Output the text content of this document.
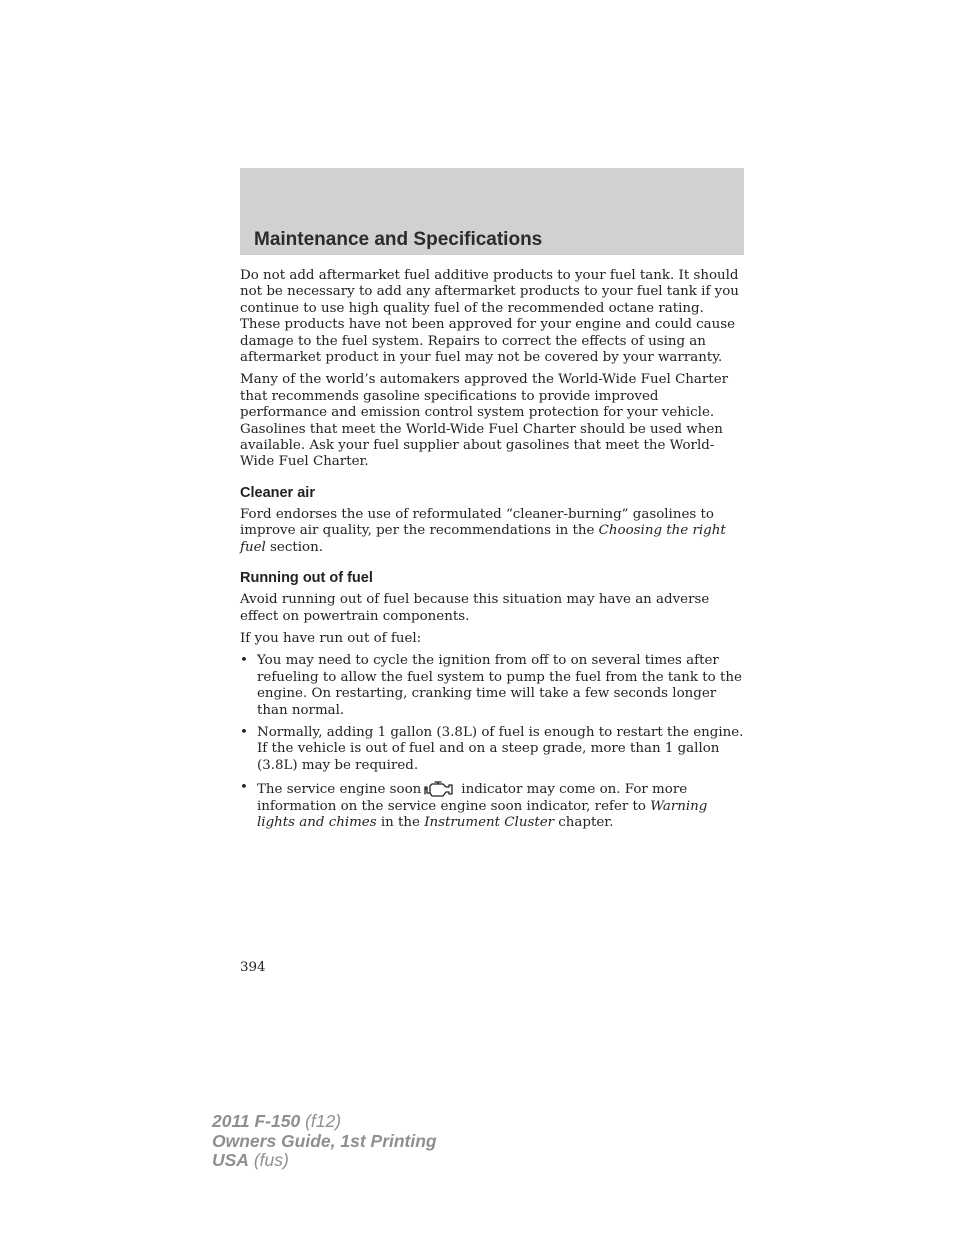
Maintenance and Specifications

Do not add aftermarket fuel additive products to your fuel tank. It should not be necessary to add any aftermarket products to your fuel tank if you continue to use high quality fuel of the recommended octane rating. These products have not been approved for your engine and could cause damage to the fuel system. Repairs to correct the effects of using an aftermarket product in your fuel may not be covered by your warranty.

Many of the world’s automakers approved the World-Wide Fuel Charter that recommends gasoline specifications to provide improved performance and emission control system protection for your vehicle. Gasolines that meet the World-Wide Fuel Charter should be used when available. Ask your fuel supplier about gasolines that meet the World-Wide Fuel Charter.

Cleaner air

Ford endorses the use of reformulated “cleaner-burning” gasolines to improve air quality, per the recommendations in the Choosing the right fuel section.

Running out of fuel

Avoid running out of fuel because this situation may have an adverse effect on powertrain components.

If you have run out of fuel:

• You may need to cycle the ignition from off to on several times after refueling to allow the fuel system to pump the fuel from the tank to the engine. On restarting, cranking time will take a few seconds longer than normal.
• Normally, adding 1 gallon (3.8L) of fuel is enough to restart the engine. If the vehicle is out of fuel and on a steep grade, more than 1 gallon (3.8L) may be required.
• The service engine soon	indicator may come on. For more information on the service engine soon indicator, refer to Warning lights and chimes in the Instrument Cluster chapter.
394
2011 F-150 (f12)
Owners Guide, 1st Printing
USA (fus)
